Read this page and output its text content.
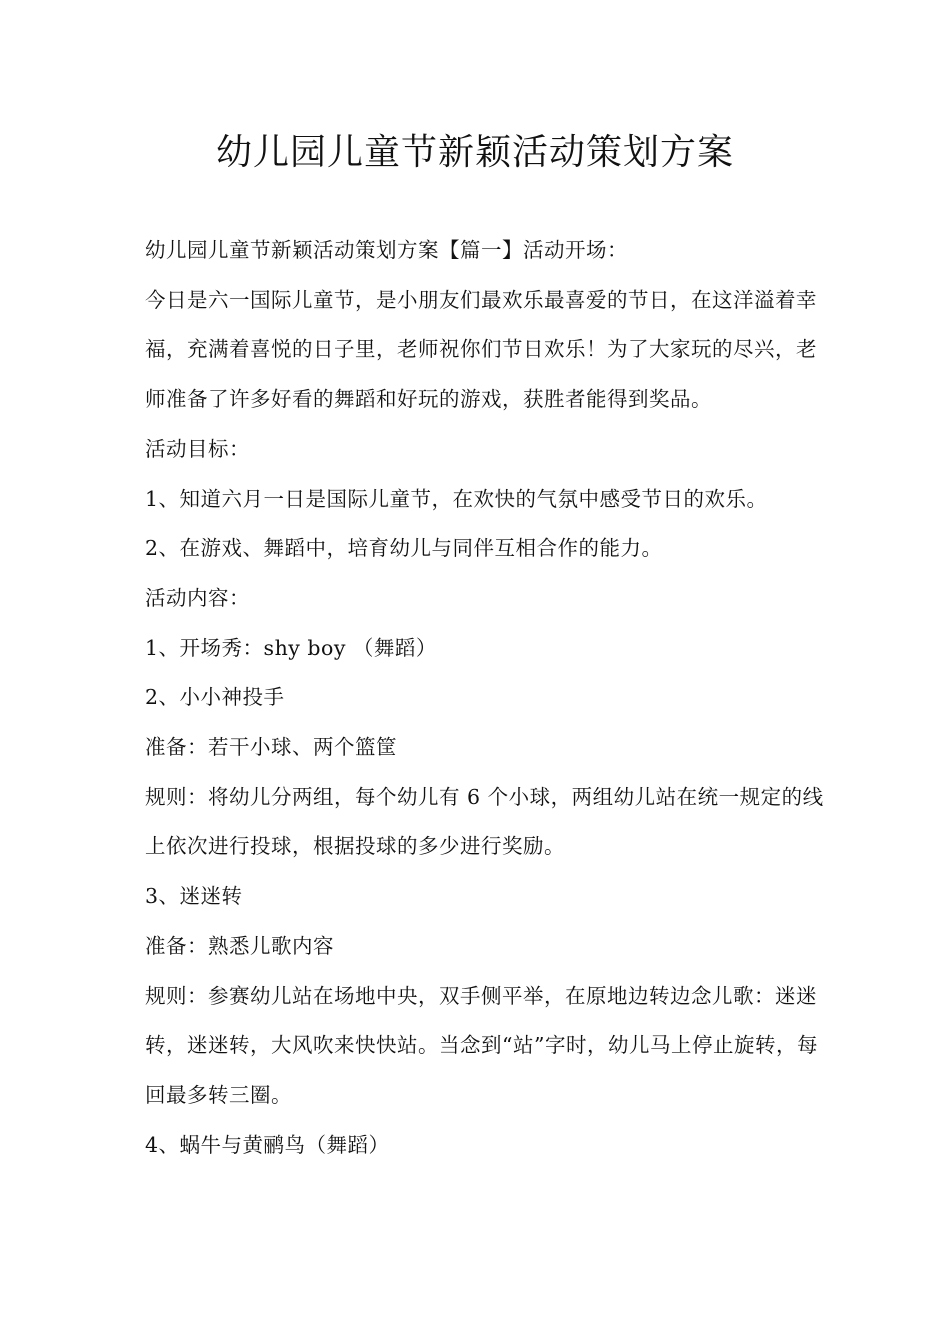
幼儿园儿童节新颖活动策划方案

幼儿园儿童节新颖活动策划方案【篇一】活动开场：

今日是六一国际儿童节，是小朋友们最欢乐最喜爱的节日，在这洋溢着幸福，充满着喜悦的日子里，老师祝你们节日欢乐！为了大家玩的尽兴，老师准备了许多好看的舞蹈和好玩的游戏，获胜者能得到奖品。

活动目标：

1、知道六月一日是国际儿童节，在欢快的气氛中感受节日的欢乐。

2、在游戏、舞蹈中，培育幼儿与同伴互相合作的能力。

活动内容：

1、开场秀：shy boy （舞蹈）

2、小小神投手

准备：若干小球、两个篮筐

规则：将幼儿分两组，每个幼儿有 6 个小球，两组幼儿站在统一规定的线上依次进行投球，根据投球的多少进行奖励。

3、迷迷转

准备：熟悉儿歌内容

规则：参赛幼儿站在场地中央，双手侧平举，在原地边转边念儿歌：迷迷转，迷迷转，大风吹来快快站。当念到“站”字时，幼儿马上停止旋转，每回最多转三圈。

4、蜗牛与黄鹂鸟（舞蹈）
